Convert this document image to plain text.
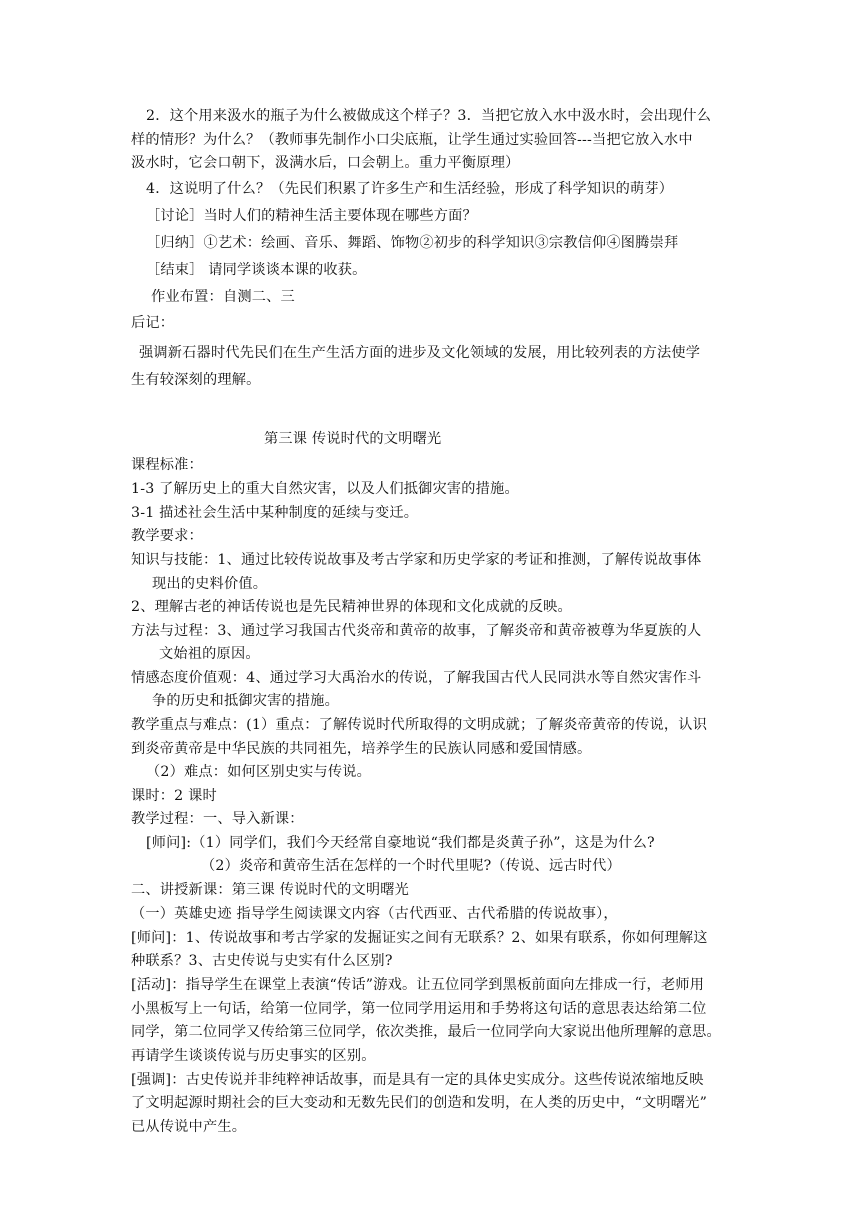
2．这个用来汲水的瓶子为什么被做成这个样子？3．当把它放入水中汲水时，会出现什么
样的情形？为什么？（教师事先制作小口尖底瓶，让学生通过实验回答---当把它放入水中
汲水时，它会口朝下，汲满水后，口会朝上。重力平衡原理）
4．这说明了什么？（先民们积累了许多生产和生活经验，形成了科学知识的萌芽）
［讨论］当时人们的精神生活主要体现在哪些方面？
［归纳］①艺术：绘画、音乐、舞蹈、饰物②初步的科学知识③宗教信仰④图腾崇拜
［结束］ 请同学谈谈本课的收获。
作业布置：自测二、三
后记：
强调新石器时代先民们在生产生活方面的进步及文化领域的发展，用比较列表的方法使学
生有较深刻的理解。
第三课 传说时代的文明曙光
课程标准：
1-3 了解历史上的重大自然灾害，以及人们抵御灾害的措施。
3-1 描述社会生活中某种制度的延续与变迁。
教学要求：
知识与技能：1、通过比较传说故事及考古学家和历史学家的考证和推测，了解传说故事体
现出的史料价值。
2、理解古老的神话传说也是先民精神世界的体现和文化成就的反映。
方法与过程：3、通过学习我国古代炎帝和黄帝的故事，了解炎帝和黄帝被尊为华夏族的人
文始祖的原因。
情感态度价值观：4、通过学习大禹治水的传说，了解我国古代人民同洪水等自然灾害作斗
争的历史和抵御灾害的措施。
教学重点与难点：(1）重点：了解传说时代所取得的文明成就；了解炎帝黄帝的传说，认识
到炎帝黄帝是中华民族的共同祖先，培养学生的民族认同感和爱国情感。
（2）难点：如何区别史实与传说。
课时：2 课时
教学过程：一、导入新课：
[师问]:（1）同学们，我们今天经常自豪地说“我们都是炎黄子孙”，这是为什么?
（2）炎帝和黄帝生活在怎样的一个时代里呢?（传说、远古时代）
二、讲授新课：第三课 传说时代的文明曙光
（一）英雄史迹 指导学生阅读课文内容（古代西亚、古代希腊的传说故事），
[师问]：1、传说故事和考古学家的发掘证实之间有无联系？2、如果有联系，你如何理解这
种联系？3、古史传说与史实有什么区别?
[活动]：指导学生在课堂上表演“传话”游戏。让五位同学到黑板前面向左排成一行，老师用
小黑板写上一句话，给第一位同学，第一位同学用运用和手势将这句话的意思表达给第二位
同学，第二位同学又传给第三位同学，依次类推，最后一位同学向大家说出他所理解的意思。
再请学生谈谈传说与历史事实的区别。
[强调]：古史传说并非纯粹神话故事，而是具有一定的具体史实成分。这些传说浓缩地反映
了文明起源时期社会的巨大变动和无数先民们的创造和发明，在人类的历史中，“文明曙光”
已从传说中产生。
